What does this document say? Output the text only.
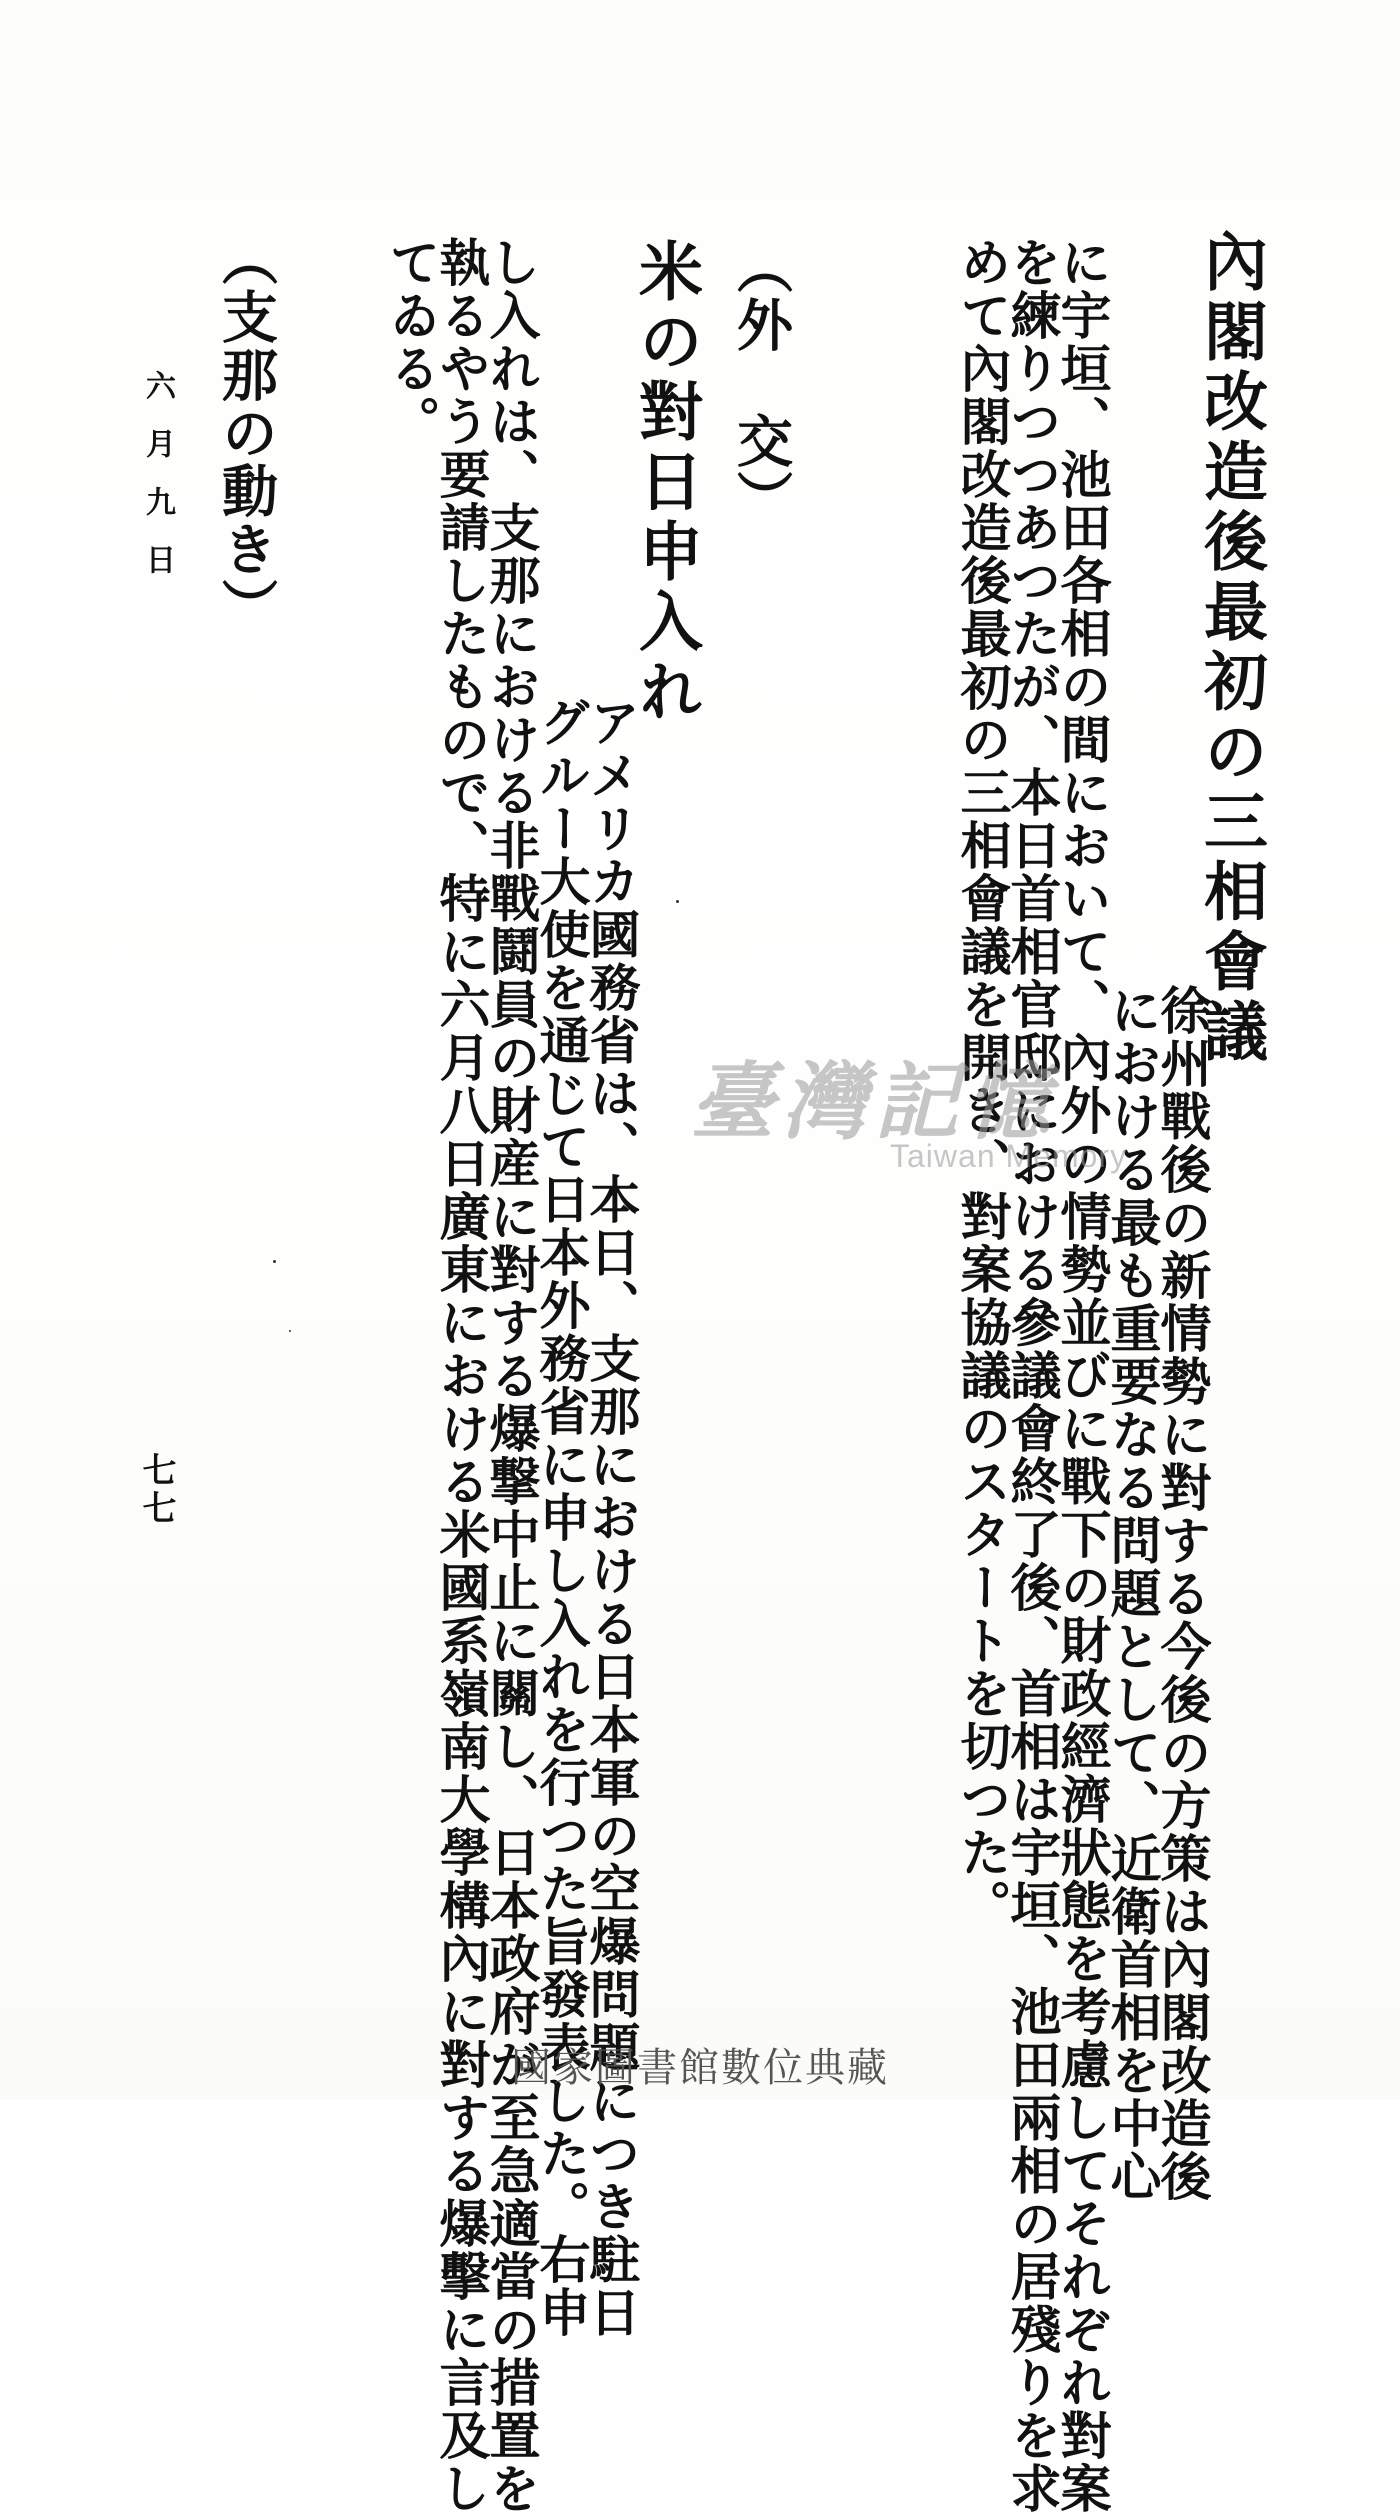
內閣改造後最初の三相會議
徐州戰後の新情勢に對する今後の方策は內閣改造後
における最も重要なる問題として、近衛首相を中心
に宇垣、池田各相の間において、內外の情勢並びに戰下の財政經濟狀態を考慮してそれぞれ對案
を練りつつあつたが、本日首相官邸における參議會終了後、首相は宇垣、池田兩相の居殘りを求
めて內閣改造後最初の三相會議を開き、對案協議のスタートを切つた。
（外　交）
米の對日申入れ
アメリカ國務省は、本日、支那における日本軍の空爆問題につき駐日
グルー大使を通じて日本外務省に申し入れを行つた旨發表した。右申
し入れは、支那における非戰鬪員の財産に對する爆撃中止に關し、日本政府が至急適當の措置を
執るやう要請したもので、特に六月八日廣東における米國系嶺南大學構內に對する爆擊に言及し
てゐる。
（支那の動き）
六月九日
七七
臺灣記憶
Taiwan Memory
國家圖書館數位典藏
